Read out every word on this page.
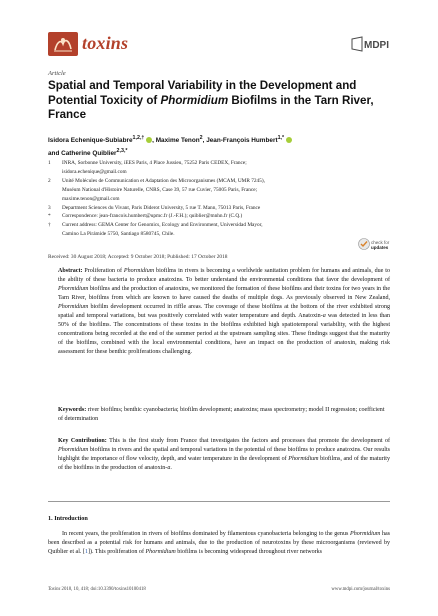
toxins	MDPI
Article
Spatial and Temporal Variability in the Development and Potential Toxicity of Phormidium Biofilms in the Tarn River, France
Isidora Echenique-Subiabre$^{1,2,\dagger}$ , Maxime Tenon$^2$, Jean-François Humbert$^{1,*}$
and Catherine Quiblier$^{2,3,*}$
1	INRA, Sorbonne University, iEES Paris, 4 Place Jussieu, 75252 Paris CEDEX, France;
isidora.echenique@gmail.com
2	Unité Molécules de Communication et Adaptation des Microorganismes (MCAM, UMR 7245),
Muséum National d'Histoire Naturelle, CNRS, Case 39, 57 rue Cuvier, 75005 Paris, France;
maxime.tenon@gmail.com
3	Department Sciences du Vivant, Paris Diderot University, 5 rue T. Mann, 75013 Paris, France
*	Correspondence: jean-francois.humbert@upmc.fr (J.-F.H.); quiblier@mnhn.fr (C.Q.)
†	Current address: GEMA Center for Genomics, Ecology and Environment, Universidad Mayor,
Camino La Pirámide 5750, Santiago 8580745, Chile.
check for
updates
Received: 30 August 2018; Accepted: 9 October 2018; Published: 17 October 2018

Abstract: Proliferation of Phormidium biofilms in rivers is becoming a worldwide sanitation problem for humans and animals, due to the ability of these bacteria to produce anatoxins. To better understand the environmental conditions that favor the development of Phormidium biofilms and the production of anatoxins, we monitored the formation of these biofilms and their toxins for two years in the Tarn River, biofilms from which are known to have caused the deaths of multiple dogs. As previously observed in New Zealand, Phormidium biofilm development occurred in riffle areas. The coverage of these biofilms at the bottom of the river exhibited strong spatial and temporal variations, but was positively correlated with water temperature and depth. Anatoxin-a was detected in less than 50% of the biofilms. The concentrations of these toxins in the biofilms exhibited high spatiotemporal variability, with the highest concentrations being recorded at the end of the summer period at the upstream sampling sites. These findings suggest that the maturity of the biofilms, combined with the local environmental conditions, have an impact on the production of anatoxin, making risk assessment for these benthic proliferations challenging.

Keywords: river biofilms; benthic cyanobacteria; biofilm development; anatoxins; mass spectrometry; model II regression; coefficient of determination

Key Contribution: This is the first study from France that investigates the factors and processes that promote the development of Phormidium biofilms in rivers and the spatial and temporal variations in the potential of these biofilms to produce anatoxins. Our results highlight the importance of flow velocity, depth, and water temperature in the development of Phormidium biofilms, and of the maturity of the biofilms in the production of anatoxin-a.

1. Introduction

In recent years, the proliferation in rivers of biofilms dominated by filamentous cyanobacteria belonging to the genus Phormidium has been described as a potential risk for humans and animals, due to the production of neurotoxins by these microorganisms (reviewed by Quiblier et al. [1]). This proliferation of Phormidium biofilms is becoming widespread throughout river networks

Toxins 2018, 10, 418; doi:10.3390/toxins10100418	www.mdpi.com/journal/toxins
